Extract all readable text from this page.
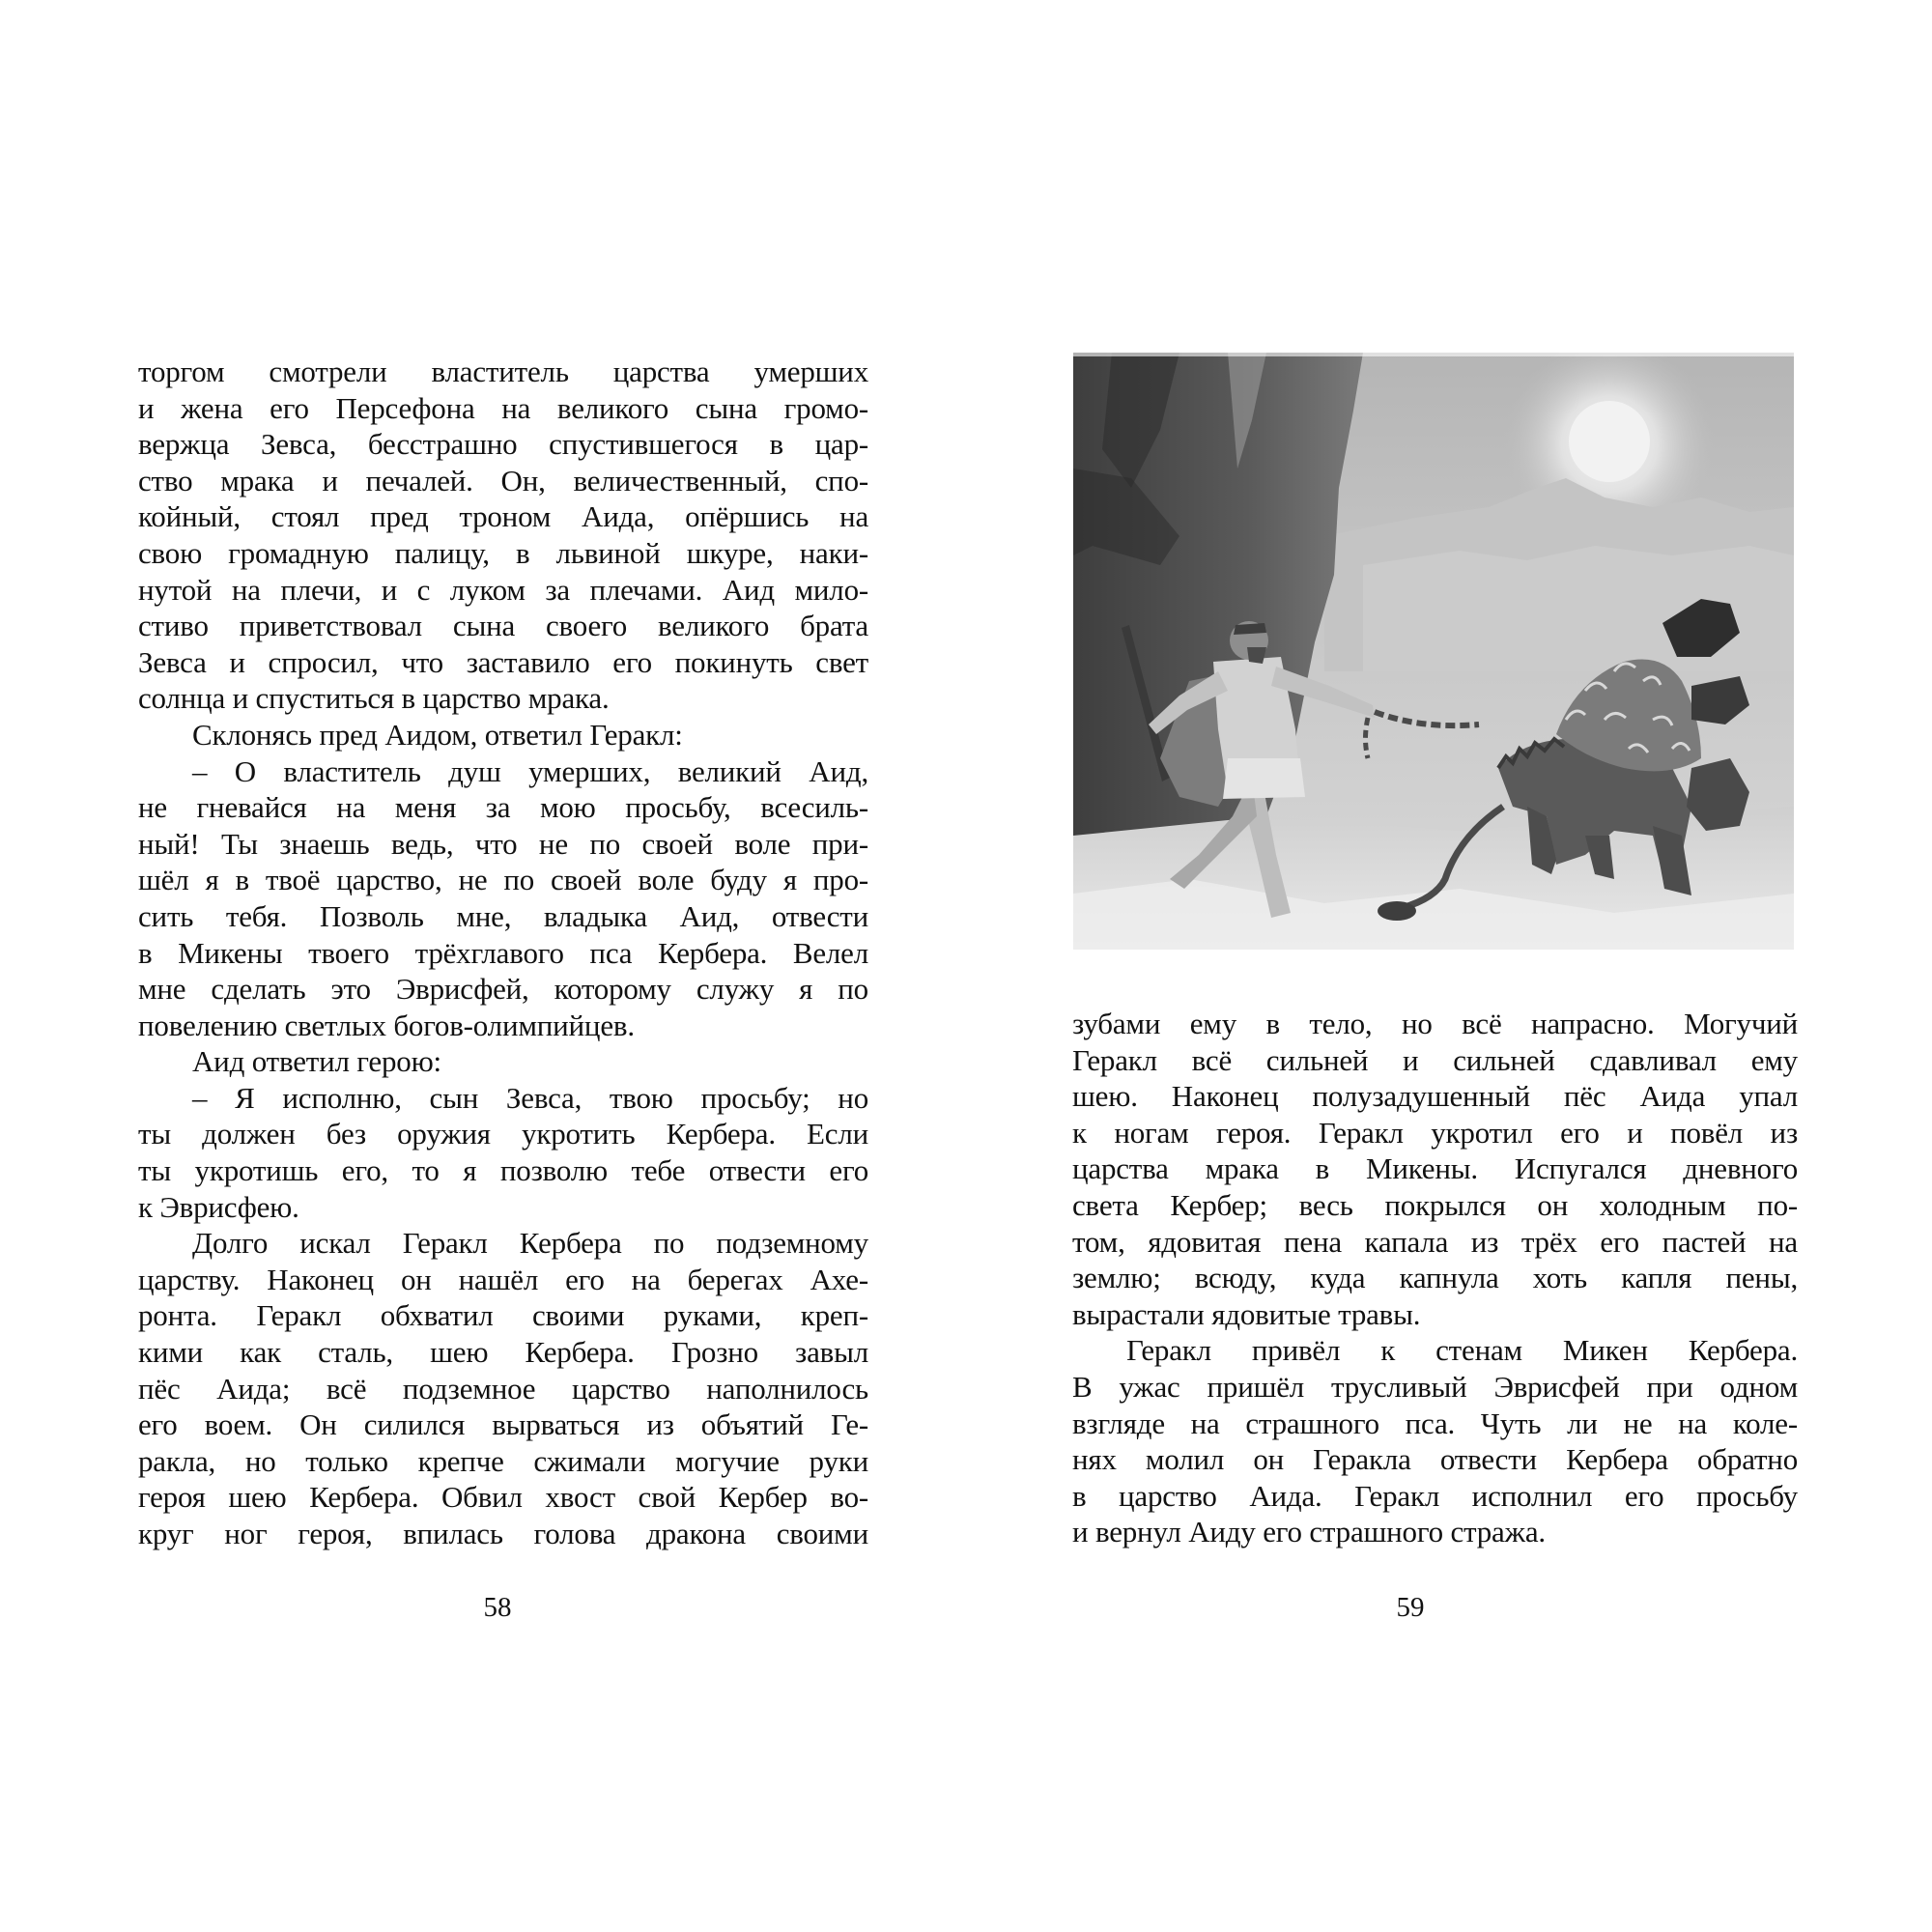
торгом смотрели властитель царства умерших
и жена его Персефона на великого сына громо-
вержца Зевса, бесстрашно спустившегося в цар-
ство мрака и печалей. Он, величественный, спо-
койный, стоял пред троном Аида, опёршись на
свою громадную палицу, в львиной шкуре, наки-
нутой на плечи, и с луком за плечами. Аид мило-
стиво приветствовал сына своего великого брата
Зевса и спросил, что заставило его покинуть свет
солнца и спуститься в царство мрака.
Склонясь пред Аидом, ответил Геракл:
– О властитель душ умерших, великий Аид,
не гневайся на меня за мою просьбу, всесиль-
ный! Ты знаешь ведь, что не по своей воле при-
шёл я в твоё царство, не по своей воле буду я про-
сить тебя. Позволь мне, владыка Аид, отвести
в Микены твоего трёхглавого пса Кербера. Велел
мне сделать это Эврисфей, которому служу я по
повелению светлых богов-олимпийцев.
Аид ответил герою:
– Я исполню, сын Зевса, твою просьбу; но
ты должен без оружия укротить Кербера. Если
ты укротишь его, то я позволю тебе отвести его
к Эврисфею.
Долго искал Геракл Кербера по подземному
царству. Наконец он нашёл его на берегах Ахе-
ронта. Геракл обхватил своими руками, креп-
кими как сталь, шею Кербера. Грозно завыл
пёс Аида; всё подземное царство наполнилось
его воем. Он силился вырваться из объятий Ге-
ракла, но только крепче сжимали могучие руки
героя шею Кербера. Обвил хвост свой Кербер во-
круг ног героя, впилась голова дракона своими
58
зубами ему в тело, но всё напрасно. Могучий
Геракл всё сильней и сильней сдавливал ему
шею. Наконец полузадушенный пёс Аида упал
к ногам героя. Геракл укротил его и повёл из
царства мрака в Микены. Испугался дневного
света Кербер; весь покрылся он холодным по-
том, ядовитая пена капала из трёх его пастей на
землю; всюду, куда капнула хоть капля пены,
вырастали ядовитые травы.
Геракл привёл к стенам Микен Кербера.
В ужас пришёл трусливый Эврисфей при одном
взгляде на страшного пса. Чуть ли не на коле-
нях молил он Геракла отвести Кербера обратно
в царство Аида. Геракл исполнил его просьбу
и вернул Аиду его страшного стража.
59
